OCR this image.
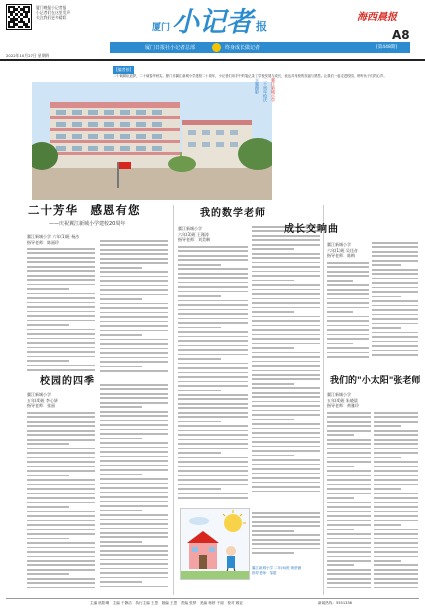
厦门晚报小记者报
小记者们在这里发声
关注我们更多精彩
2022年10月27日 星期四
厦门 小记者 报
海西晨报
A8
厦门日报社小记者总部	终身成长做记者	[第448期]
[编者按]
二十载耕耘追梦，二十载春华秋实。厦门市翼江新城小学建校二十周年，小记者们用手中的笔记录了学校发展与成长，表达对母校的祝福与感恩。让我们一起走进校园，聆听孩子们的心声。
翼江新城小学
二十周年校庆
主题摄影
二十芳华　感恩有您
——庆祝翼江新城小学建校20周年
翼江新城小学 六年(1)班 杨沙
指导老师：陈丽玲
校园的四季
翼江新城小学
五年(4)班 李心妍
指导老师：张丽
我的数学老师
翼江新城小学
六年(3)班 王瑾涛
指导老师：刘美琳
翼江新城小学 二年(6)班 黄舒涵
指导老师：邹甜
成长交响曲
翼江新城小学
六年(1)班 吴佳音
指导老师：陈梅
我们的"小太阳"张老师
翼江新城小学
五年(4)班 朱晓晨
指导老师：黄雅玲
主编 欧阳琳　主编 于静洁　执行主编 王思　版编 王思　责编 张梦　美编 杨婷 于丽　校对 顾亚	新闻热线：5551336
